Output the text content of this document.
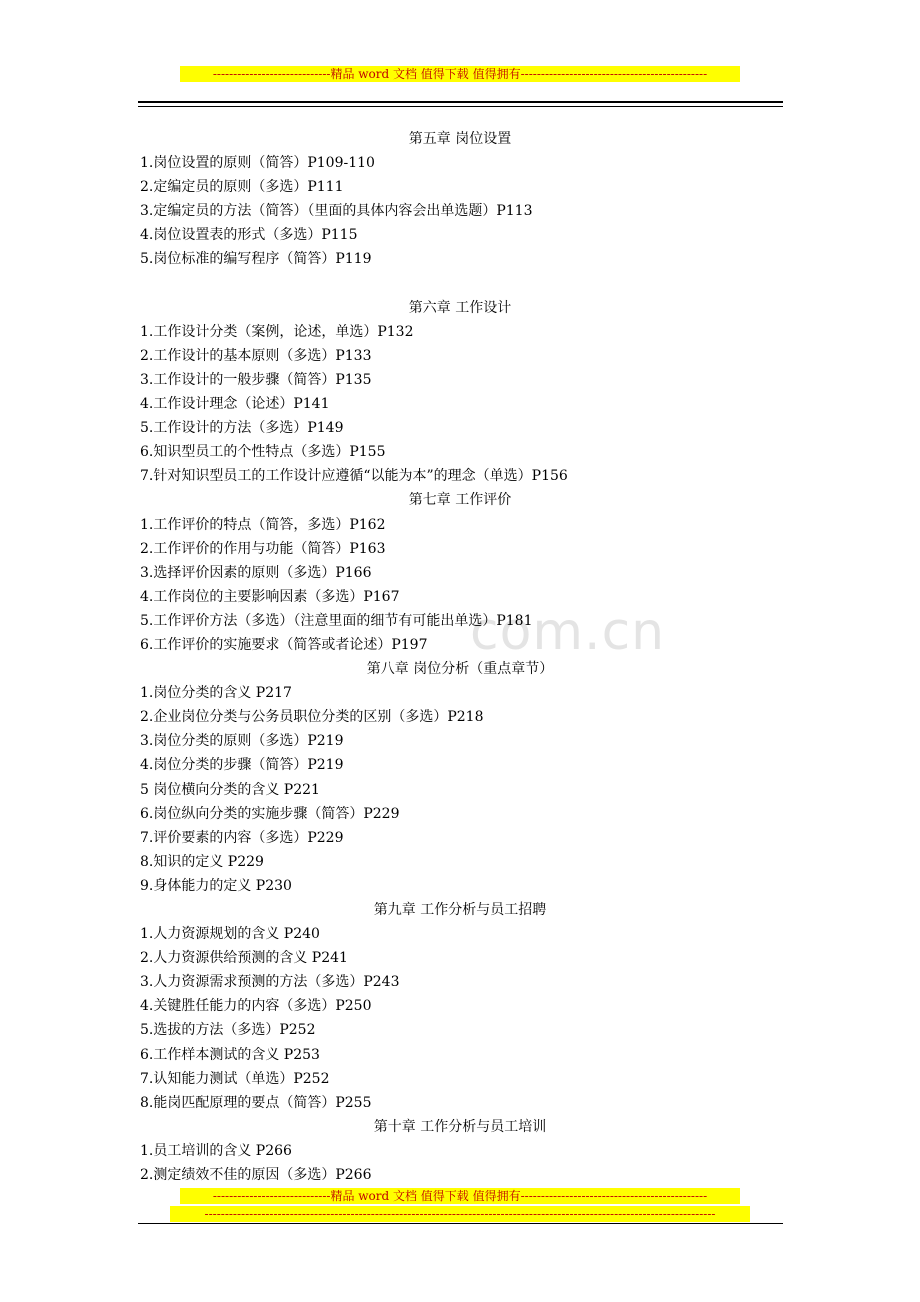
-----------------------------精品 word 文档 值得下载 值得拥有----------------------------------------------
com.cn
第五章 岗位设置
1.岗位设置的原则（简答）P109-110
2.定编定员的原则（多选）P111
3.定编定员的方法（简答）（里面的具体内容会出单选题）P113
4.岗位设置表的形式（多选）P115
5.岗位标准的编写程序（简答）P119
第六章 工作设计
1.工作设计分类（案例，论述，单选）P132
2.工作设计的基本原则（多选）P133
3.工作设计的一般步骤（简答）P135
4.工作设计理念（论述）P141
5.工作设计的方法（多选）P149
6.知识型员工的个性特点（多选）P155
7.针对知识型员工的工作设计应遵循“以能为本”的理念（单选）P156
第七章 工作评价
1.工作评价的特点（简答，多选）P162
2.工作评价的作用与功能（简答）P163
3.选择评价因素的原则（多选）P166
4.工作岗位的主要影响因素（多选）P167
5.工作评价方法（多选）（注意里面的细节有可能出单选）P181
6.工作评价的实施要求（简答或者论述）P197
第八章 岗位分析（重点章节）
1.岗位分类的含义 P217
2.企业岗位分类与公务员职位分类的区别（多选）P218
3.岗位分类的原则（多选）P219
4.岗位分类的步骤（简答）P219
5 岗位横向分类的含义 P221
6.岗位纵向分类的实施步骤（简答）P229
7.评价要素的内容（多选）P229
8.知识的定义 P229
9.身体能力的定义 P230
第九章 工作分析与员工招聘
1.人力资源规划的含义 P240
2.人力资源供给预测的含义 P241
3.人力资源需求预测的方法（多选）P243
4.关键胜任能力的内容（多选）P250
5.选拔的方法（多选）P252
6.工作样本测试的含义 P253
7.认知能力测试（单选）P252
8.能岗匹配原理的要点（简答）P255
第十章 工作分析与员工培训
1.员工培训的含义 P266
2.测定绩效不佳的原因（多选）P266
-----------------------------精品 word 文档 值得下载 值得拥有----------------------------------------------
------------------------------------------------------------------------------------------------------------------------------
